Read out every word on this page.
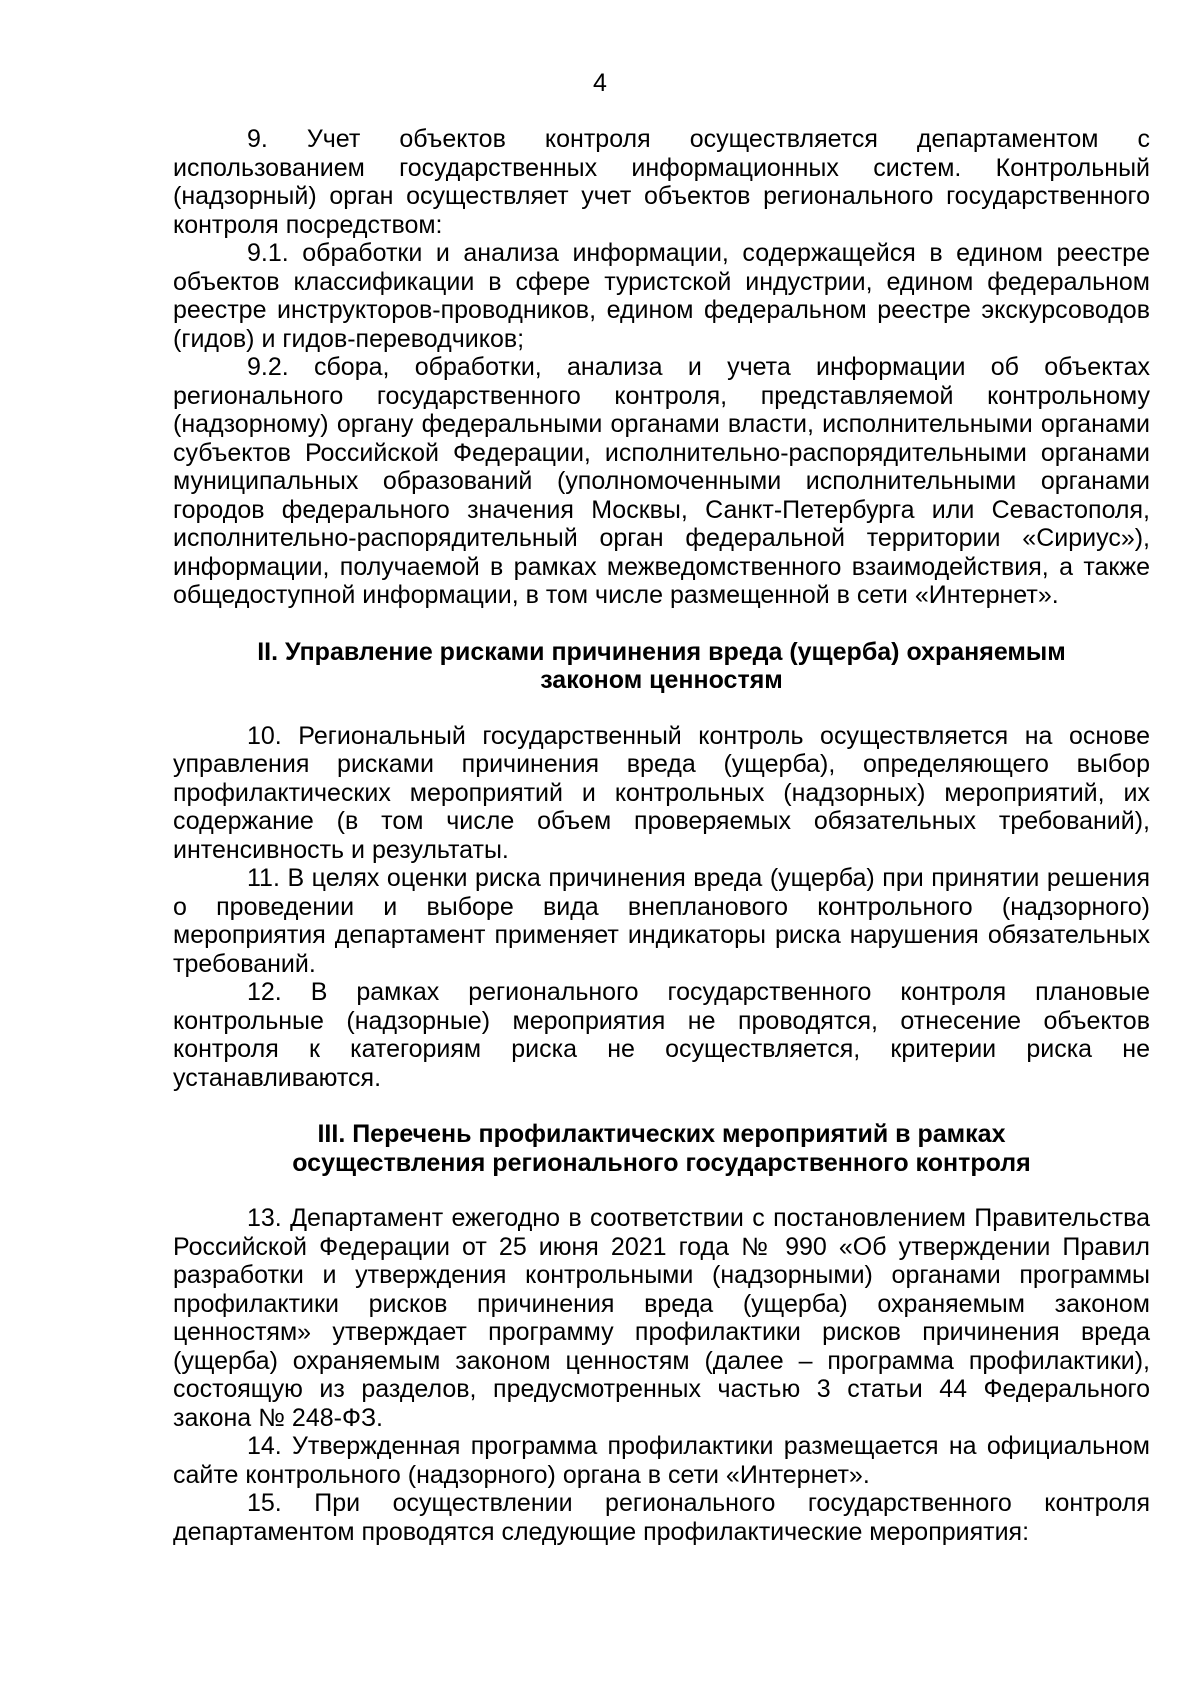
4

9. Учет объектов контроля осуществляется департаментом с использованием государственных информационных систем. Контрольный (надзорный) орган осуществляет учет объектов регионального государственного контроля посредством:

9.1. обработки и анализа информации, содержащейся в едином реестре объектов классификации в сфере туристской индустрии, едином федеральном реестре инструкторов-проводников, едином федеральном реестре экскурсоводов (гидов) и гидов-переводчиков;

9.2. сбора, обработки, анализа и учета информации об объектах регионального государственного контроля, представляемой контрольному (надзорному) органу федеральными органами власти, исполнительными органами субъектов Российской Федерации, исполнительно-распорядительными органами муниципальных образований (уполномоченными исполнительными органами городов федерального значения Москвы, Санкт-Петербурга или Севастополя, исполнительно-распорядительный орган федеральной территории «Сириус»), информации, получаемой в рамках межведомственного взаимодействия, а также общедоступной информации, в том числе размещенной в сети «Интернет».

II. Управление рисками причинения вреда (ущерба) охраняемым
законом ценностям

10. Региональный государственный контроль осуществляется на основе управления рисками причинения вреда (ущерба), определяющего выбор профилактических мероприятий и контрольных (надзорных) мероприятий, их содержание (в том числе объем проверяемых обязательных требований), интенсивность и результаты.

11. В целях оценки риска причинения вреда (ущерба) при принятии решения о проведении и выборе вида внепланового контрольного (надзорного) мероприятия департамент применяет индикаторы риска нарушения обязательных требований.

12. В рамках регионального государственного контроля плановые контрольные (надзорные) мероприятия не проводятся, отнесение объектов контроля к категориям риска не осуществляется, критерии риска не устанавливаются.

III. Перечень профилактических мероприятий в рамках
осуществления регионального государственного контроля

13. Департамент ежегодно в соответствии с постановлением Правительства Российской Федерации от 25 июня 2021 года № 990 «Об утверждении Правил разработки и утверждения контрольными (надзорными) органами программы профилактики рисков причинения вреда (ущерба) охраняемым законом ценностям» утверждает программу профилактики рисков причинения вреда (ущерба) охраняемым законом ценностям (далее – программа профилактики), состоящую из разделов, предусмотренных частью 3 статьи 44 Федерального закона № 248-ФЗ.

14. Утвержденная программа профилактики размещается на официальном сайте контрольного (надзорного) органа в сети «Интернет».

15. При осуществлении регионального государственного контроля департаментом проводятся следующие профилактические мероприятия:
